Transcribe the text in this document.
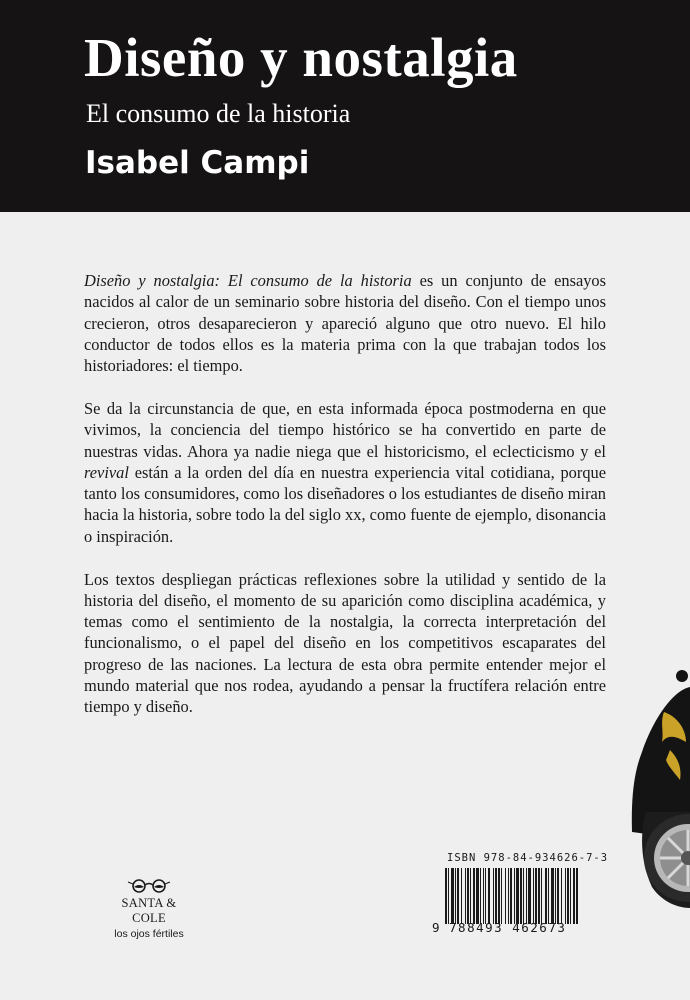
Diseño y nostalgia
El consumo de la historia
Isabel Campi

Diseño y nostalgia: El consumo de la historia es un conjunto de ensayos nacidos al calor de un seminario sobre historia del diseño. Con el tiempo unos crecieron, otros desaparecieron y apareció alguno que otro nuevo. El hilo conductor de todos ellos es la materia prima con la que trabajan todos los historiadores: el tiempo.

Se da la circunstancia de que, en esta informada época postmoderna en que vivimos, la conciencia del tiempo histórico se ha convertido en parte de nuestras vidas. Ahora ya nadie niega que el historicismo, el eclecticismo y el revival están a la orden del día en nuestra experiencia vital cotidiana, porque tanto los consumidores, como los diseñadores o los estudiantes de diseño miran hacia la historia, sobre todo la del siglo xx, como fuente de ejemplo, disonancia o inspiración.

Los textos despliegan prácticas reflexiones sobre la utilidad y sentido de la historia del diseño, el momento de su aparición como disciplina académica, y temas como el sentimiento de la nostalgia, la correcta interpretación del funcionalismo, o el papel del diseño en los competitivos escaparates del progreso de las naciones. La lectura de esta obra permite entender mejor el mundo material que nos rodea, ayudando a pensar la fructífera relación entre tiempo y diseño.

SANTA & COLE
los ojos fértiles
ISBN 978-84-934626-7-3
9 788493 462673
